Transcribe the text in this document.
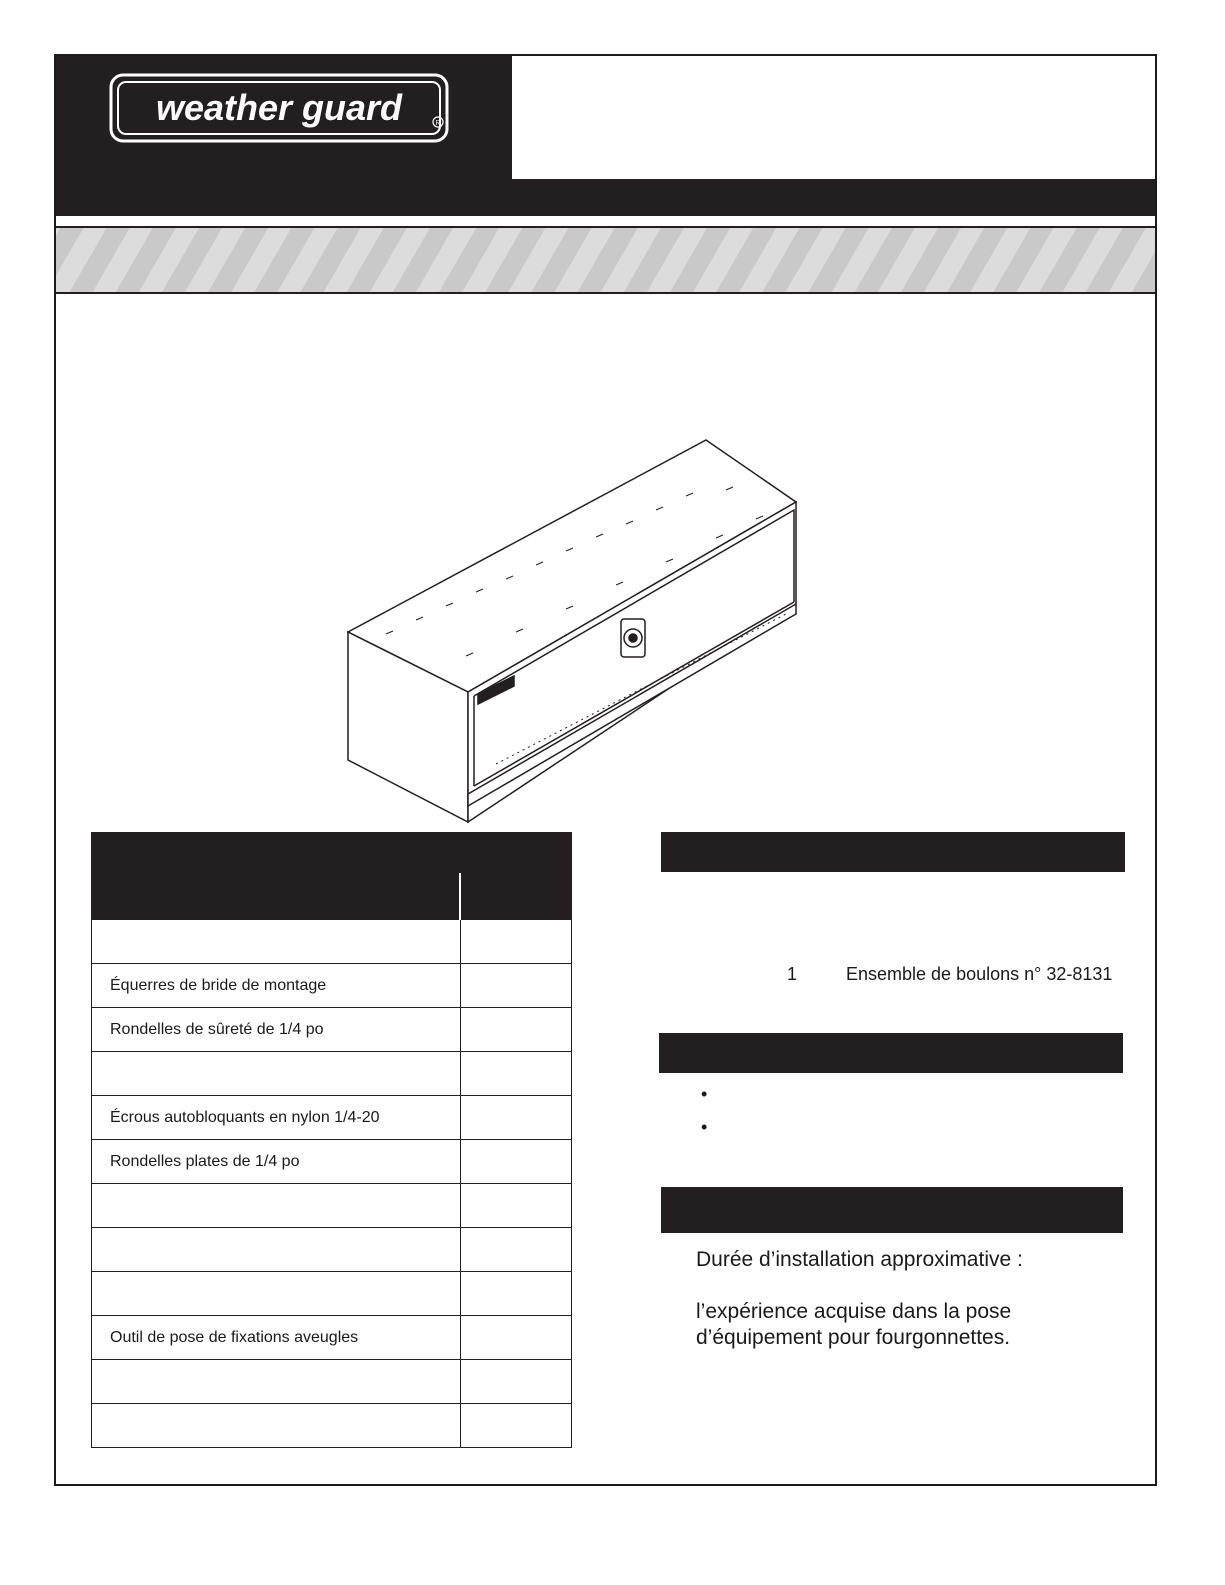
weather guard	R

Équerres de bride de montage	
Rondelles de sûreté de 1/4 po	

Écrous autobloquants en nylon 1/4-20	
Rondelles plates de 1/4 po	

Outil de pose de fixations aveugles	

1	Ensemble de boulons n° 32-8131
•
•
Durée d’installation approximative :
l’expérience acquise dans la pose
d’équipement pour fourgonnettes.
